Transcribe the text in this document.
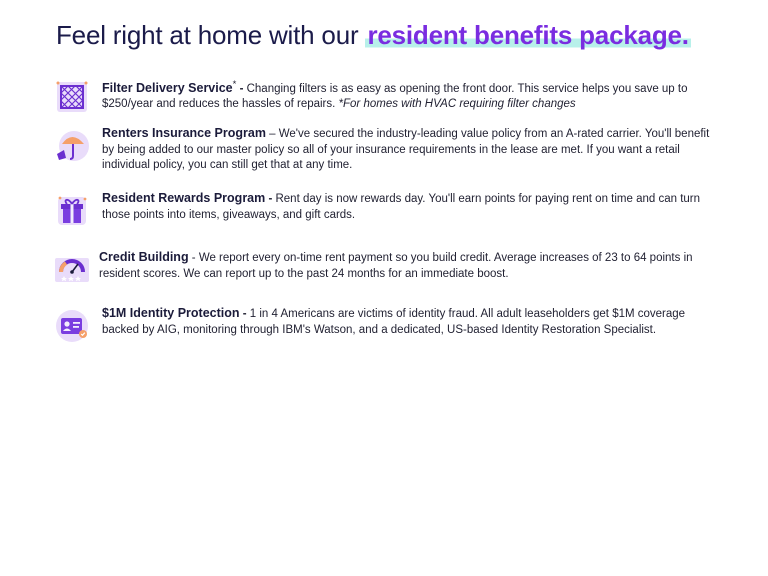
Feel right at home with our resident benefits package.
Filter Delivery Service* - Changing filters is as easy as opening the front door. This service helps you save up to $250/year and reduces the hassles of repairs. *For homes with HVAC requiring filter changes
Renters Insurance Program – We've secured the industry-leading value policy from an A-rated carrier. You'll benefit by being added to our master policy so all of your insurance requirements in the lease are met. If you want a retail individual policy, you can still get that at any time.
Resident Rewards Program - Rent day is now rewards day. You'll earn points for paying rent on time and can turn those points into items, giveaways, and gift cards.
Credit Building - We report every on-time rent payment so you build credit. Average increases of 23 to 64 points in resident scores. We can report up to the past 24 months for an immediate boost.
$1M Identity Protection - 1 in 4 Americans are victims of identity fraud. All adult leaseholders get $1M coverage backed by AIG, monitoring through IBM's Watson, and a dedicated, US-based Identity Restoration Specialist.
